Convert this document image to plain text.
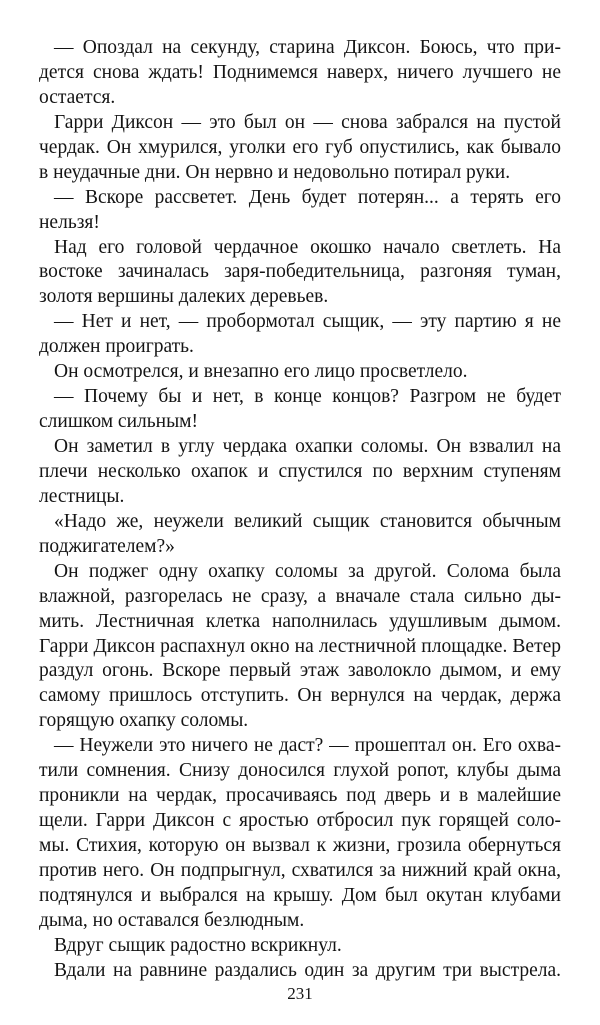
— Опоздал на секунду, старина Диксон. Боюсь, что при-
дется снова ждать! Поднимемся наверх, ничего лучшего не
остается.
Гарри Диксон — это был он — снова забрался на пустой
чердак. Он хмурился, уголки его губ опустились, как бывало
в неудачные дни. Он нервно и недовольно потирал руки.
— Вскоре рассветет. День будет потерян... а терять его
нельзя!
Над его головой чердачное окошко начало светлеть. На
востоке зачиналась заря-победительница, разгоняя туман,
золотя вершины далеких деревьев.
— Нет и нет, — пробормотал сыщик, — эту партию я не
должен проиграть.
Он осмотрелся, и внезапно его лицо просветлело.
— Почему бы и нет, в конце концов? Разгром не будет
слишком сильным!
Он заметил в углу чердака охапки соломы. Он взвалил на
плечи несколько охапок и спустился по верхним ступеням
лестницы.
«Надо же, неужели великий сыщик становится обычным
поджигателем?»
Он поджег одну охапку соломы за другой. Солома была
влажной, разгорелась не сразу, а вначале стала сильно ды-
мить. Лестничная клетка наполнилась удушливым дымом.
Гарри Диксон распахнул окно на лестничной площадке. Ветер
раздул огонь. Вскоре первый этаж заволокло дымом, и ему
самому пришлось отступить. Он вернулся на чердак, держа
горящую охапку соломы.
— Неужели это ничего не даст? — прошептал он. Его охва-
тили сомнения. Снизу доносился глухой ропот, клубы дыма
проникли на чердак, просачиваясь под дверь и в малейшие
щели. Гарри Диксон с яростью отбросил пук горящей соло-
мы. Стихия, которую он вызвал к жизни, грозила обернуться
против него. Он подпрыгнул, схватился за нижний край окна,
подтянулся и выбрался на крышу. Дом был окутан клубами
дыма, но оставался безлюдным.
Вдруг сыщик радостно вскрикнул.
Вдали на равнине раздались один за другим три выстрела.
231
